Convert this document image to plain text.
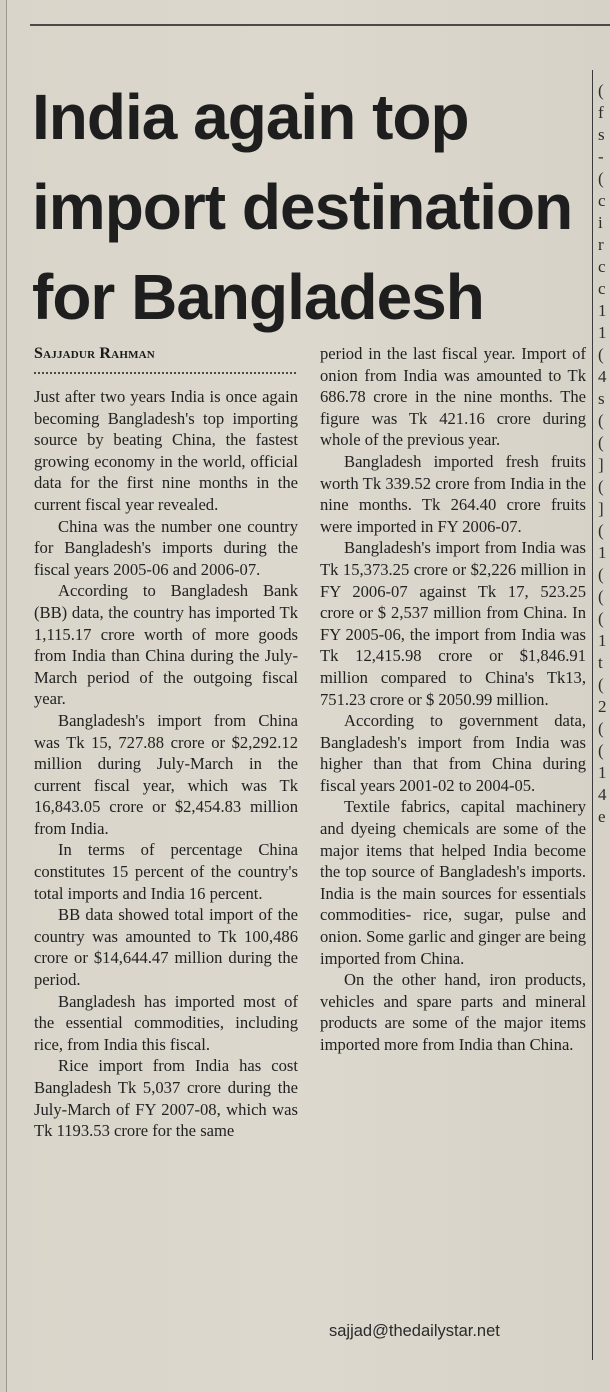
(
f
s
-
(
c
i
r
c
c
1
1
(
4
s
(
(
]
(
]
(
1
(
(
(
1
t
(
2
(
(
1
4
e
India again top import destination for Bangladesh
Sajjadur Rahman

Just after two years India is once again becoming Bangladesh's top importing source by beating China, the fastest growing economy in the world, official data for the first nine months in the current fiscal year revealed.

China was the number one country for Bangladesh's imports during the fiscal years 2005-06 and 2006-07.

According to Bangladesh Bank (BB) data, the country has imported Tk 1,115.17 crore worth of more goods from India than China during the July-March period of the outgoing fiscal year.

Bangladesh's import from China was Tk 15, 727.88 crore or $2,292.12 million during July-March in the current fiscal year, which was Tk 16,843.05 crore or $2,454.83 million from India.

In terms of percentage China constitutes 15 percent of the country's total imports and India 16 percent.

BB data showed total import of the country was amounted to Tk 100,486 crore or $14,644.47 million during the period.

Bangladesh has imported most of the essential commodities, including rice, from India this fiscal.

Rice import from India has cost Bangladesh Tk 5,037 crore during the July-March of FY 2007-08, which was Tk 1193.53 crore for the same

period in the last fiscal year. Import of onion from India was amounted to Tk 686.78 crore in the nine months. The figure was Tk 421.16 crore during whole of the previous year.

Bangladesh imported fresh fruits worth Tk 339.52 crore from India in the nine months. Tk 264.40 crore fruits were imported in FY 2006-07.

Bangladesh's import from India was Tk 15,373.25 crore or $2,226 million in FY 2006-07 against Tk 17, 523.25 crore or $ 2,537 million from China. In FY 2005-06, the import from India was Tk 12,415.98 crore or $1,846.91 million compared to China's Tk13, 751.23 crore or $ 2050.99 million.

According to government data, Bangladesh's import from India was higher than that from China during fiscal years 2001-02 to 2004-05.

Textile fabrics, capital machinery and dyeing chemicals are some of the major items that helped India become the top source of Bangladesh's imports. India is the main sources for essentials commodities- rice, sugar, pulse and onion. Some garlic and ginger are being imported from China.

On the other hand, iron products, vehicles and spare parts and mineral products are some of the major items imported more from India than China.

sajjad@thedailystar.net
